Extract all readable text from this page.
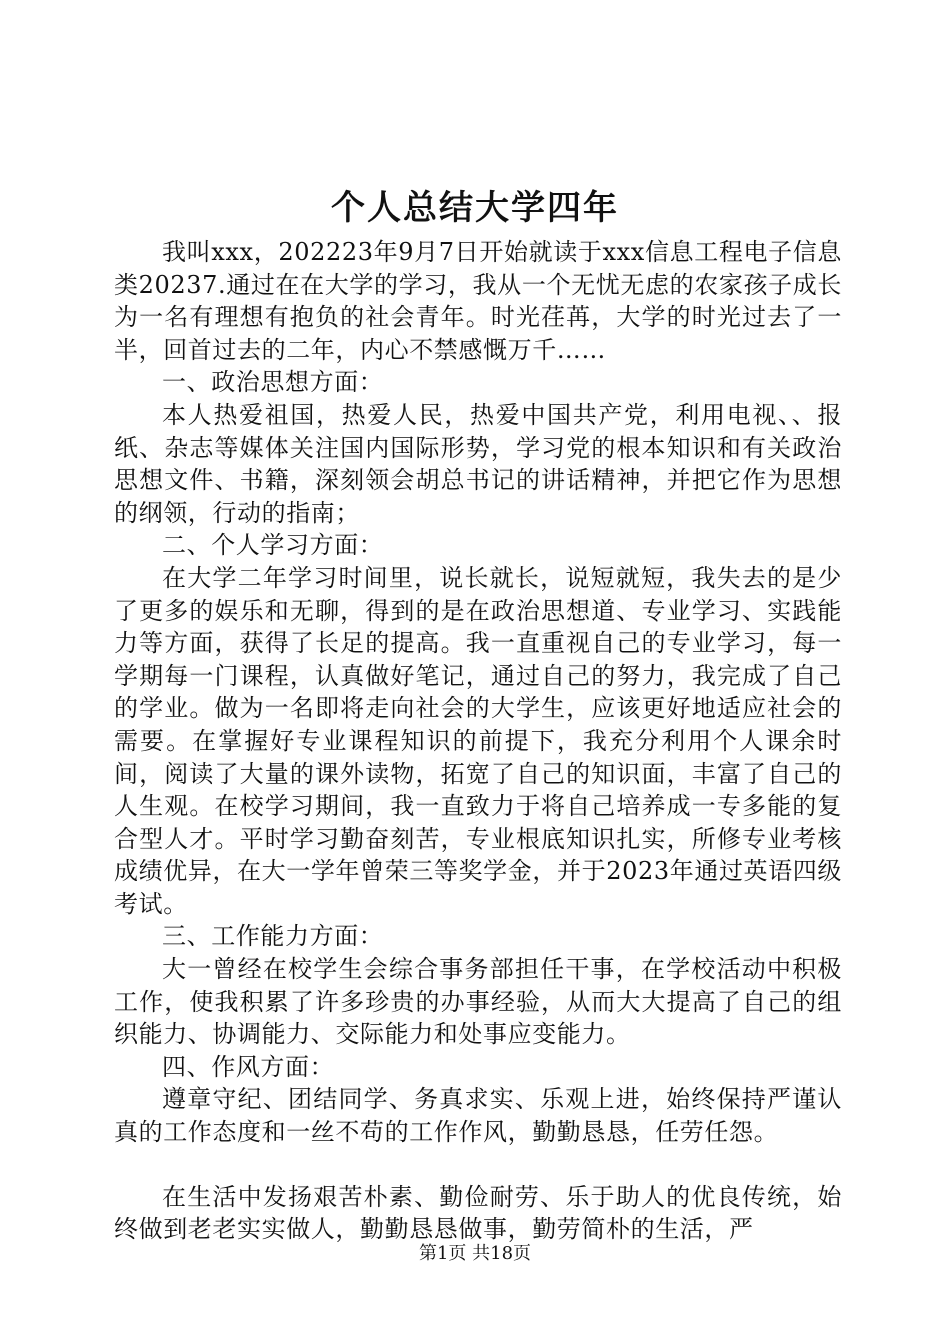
个人总结大学四年

我叫xxx，202223年9月7日开始就读于xxx信息工程电子信息类20237.通过在在大学的学习，我从一个无忧无虑的农家孩子成长为一名有理想有抱负的社会青年。时光荏苒，大学的时光过去了一半，回首过去的二年，内心不禁感慨万千……

一、政治思想方面：

本人热爱祖国，热爱人民，热爱中国共产党，利用电视、、报纸、杂志等媒体关注国内国际形势，学习党的根本知识和有关政治思想文件、书籍，深刻领会胡总书记的讲话精神，并把它作为思想的纲领，行动的指南；

二、个人学习方面：

在大学二年学习时间里，说长就长，说短就短，我失去的是少了更多的娱乐和无聊，得到的是在政治思想道、专业学习、实践能力等方面，获得了长足的提高。我一直重视自己的专业学习，每一学期每一门课程，认真做好笔记，通过自己的努力，我完成了自己的学业。做为一名即将走向社会的大学生，应该更好地适应社会的需要。在掌握好专业课程知识的前提下，我充分利用个人课余时间，阅读了大量的课外读物，拓宽了自己的知识面，丰富了自己的人生观。在校学习期间，我一直致力于将自己培养成一专多能的复合型人才。平时学习勤奋刻苦，专业根底知识扎实，所修专业考核成绩优异，在大一学年曾荣三等奖学金，并于2023年通过英语四级考试。

三、工作能力方面：

大一曾经在校学生会综合事务部担任干事，在学校活动中积极工作，使我积累了许多珍贵的办事经验，从而大大提高了自己的组织能力、协调能力、交际能力和处事应变能力。

四、作风方面：

遵章守纪、团结同学、务真求实、乐观上进，始终保持严谨认真的工作态度和一丝不苟的工作作风，勤勤恳恳，任劳任怨。

在生活中发扬艰苦朴素、勤俭耐劳、乐于助人的优良传统，始终做到老老实实做人，勤勤恳恳做事，勤劳简朴的生活，严

第1页 共18页
